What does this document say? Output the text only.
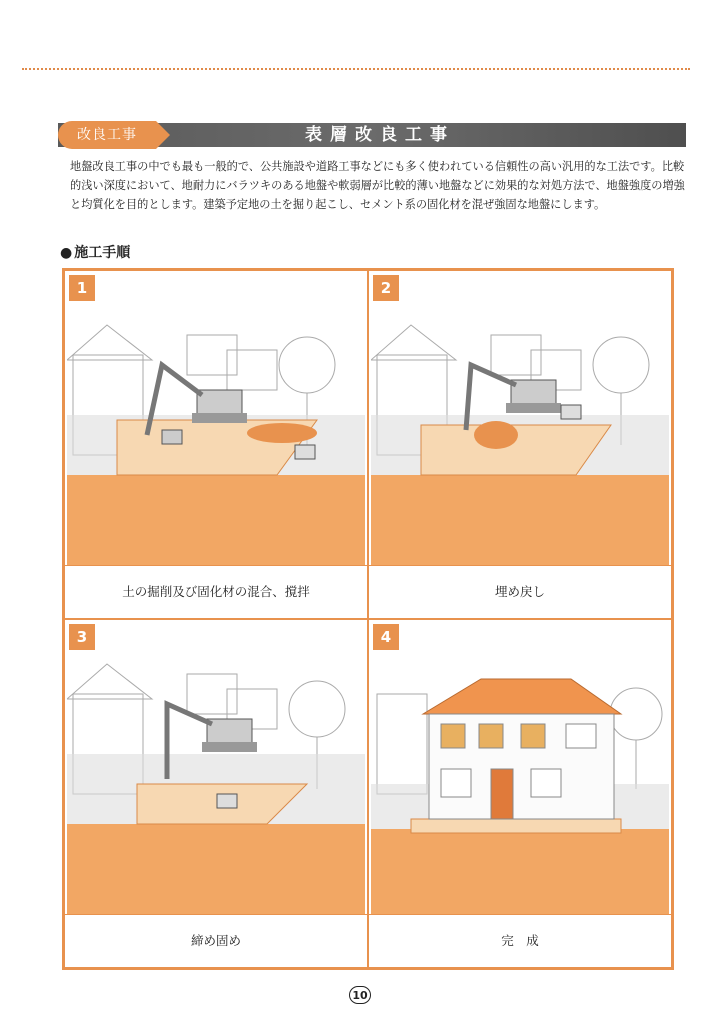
改良工事	表層改良工事
地盤改良工事の中でも最も一般的で、公共施設や道路工事などにも多く使われている信頼性の高い汎用的な工法です。比較的浅い深度において、地耐力にバラツキのある地盤や軟弱層が比較的薄い地盤などに効果的な対処方法で、地盤強度の増強と均質化を目的とします。建築予定地の土を掘り起こし、セメント系の固化材を混ぜ強固な地盤にします。
● 施工手順
1
土の掘削及び固化材の混合、撹拌
2
埋め戻し
3
締め固め
4
完　成
10
